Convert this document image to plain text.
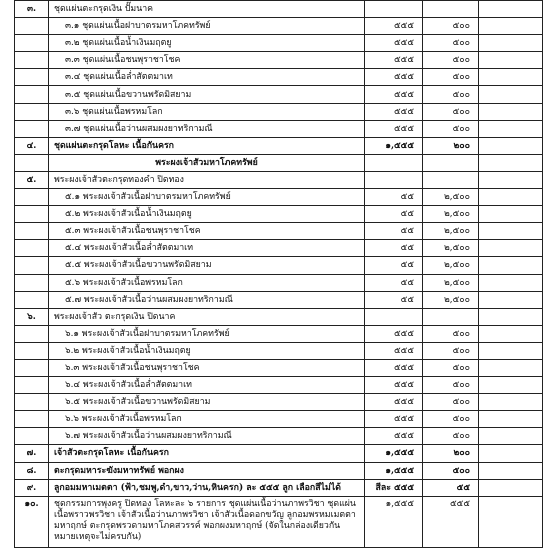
๓.	ชุดแผ่นตะกรุดเงิน ปั๊มนาค			
	๓.๑ ชุดแผ่นเนื้อฝาบาตรมหาโภคทรัพย์	๕๕๕	๕๐๐	
	๓.๒ ชุดแผ่นเนื้อน้ำเงินมฤตยู	๕๕๕	๕๐๐	
	๓.๓ ชุดแผ่นเนื้อชนพุราชาโชค	๕๕๕	๕๐๐	
	๓.๔ ชุดแผ่นเนื้อล่ำสัตตมาเท	๕๕๕	๕๐๐	
	๓.๕ ชุดแผ่นเนื้อขวานพรัดมิสยาม	๕๕๕	๕๐๐	
	๓.๖ ชุดแผ่นเนื้อพรหมโลก	๕๕๕	๕๐๐	
	๓.๗ ชุดแผ่นเนื้อว่านผสมผงยาทริกามณี	๕๕๕	๕๐๐	
๔.	ชุดแผ่นตะกรุดโลหะ เนื้อกันครก	๑,๕๕๕	๒๐๐	
	พระผงเจ้าสัวมหาโภคทรัพย์			
๕.	พระผงเจ้าสัวตะกรุดทองคำ ปิดทอง			
	๕.๑ พระผงเจ้าสัวเนื้อฝาบาตรมหาโภคทรัพย์	๕๕	๒,๕๐๐	
	๕.๒ พระผงเจ้าสัวเนื้อน้ำเงินมฤตยู	๕๕	๒,๕๐๐	
	๕.๓ พระผงเจ้าสัวเนื้อชนพุราชาโชค	๕๕	๒,๕๐๐	
	๕.๔ พระผงเจ้าสัวเนื้อล่ำสัตตมาเท	๕๕	๒,๕๐๐	
	๕.๕ พระผงเจ้าสัวเนื้อขวานพรัดมิสยาม	๕๕	๒,๕๐๐	
	๕.๖ พระผงเจ้าสัวเนื้อพรหมโลก	๕๕	๒,๕๐๐	
	๕.๗ พระผงเจ้าสัวเนื้อว่านผสมผงยาทริกามณี	๕๕	๒,๕๐๐	
๖.	พระผงเจ้าสัว ตะกรุดเงิน ปิดนาค			
	๖.๑ พระผงเจ้าสัวเนื้อฝาบาตรมหาโภคทรัพย์	๕๕๕	๕๐๐	
	๖.๒ พระผงเจ้าสัวเนื้อน้ำเงินมฤตยู	๕๕๕	๕๐๐	
	๖.๓ พระผงเจ้าสัวเนื้อชนพุราชาโชค	๕๕๕	๕๐๐	
	๖.๔ พระผงเจ้าสัวเนื้อล่ำสัตตมาเท	๕๕๕	๕๐๐	
	๖.๕ พระผงเจ้าสัวเนื้อขวานพรัดมิสยาม	๕๕๕	๕๐๐	
	๖.๖ พระผงเจ้าสัวเนื้อพรหมโลก	๕๕๕	๕๐๐	
	๖.๗ พระผงเจ้าสัวเนื้อว่านผสมผงยาทริกามณี	๕๕๕	๕๐๐	
๗.	เจ้าสัวตะกรุดโลหะ เนื้อกันครก	๑,๕๕๕	๒๐๐	
๘.	ตะกรุดมหาระฆังมหาทรัพย์ พอกผง	๑,๕๕๕	๕๐๐	
๙.	ลูกอมมหาเมตตา (ฟ้า,ชมพู,ดำ,ขาว,ว่าน,หินครก) ละ ๕๕๕ ลูก เลือกสีไม่ได้	สีละ ๕๕๕	๕๕	
๑๐.	ชุดกรรมการพุงครู ปิดทอง โลหะละ ๖ รายการ ชุดแผ่นเนื้อว่านภาพรวิชา ชุดแผ่นเนื้อพราวพรวิชา เจ้าสัวเนื้อว่านภาพรวิชา เจ้าสัวเนื้อดอกขวัญ ลูกอมพรหมเมตตามหาฤกษ์ ตะกรุดพรวดามหาโภคสวรรค์ พอกผงมหาฤกษ์ (จัดในกล่องเดียวกัน หมายเหตุจะไม่ครบกัน)	๑,๕๕๕	๕๕๕	
